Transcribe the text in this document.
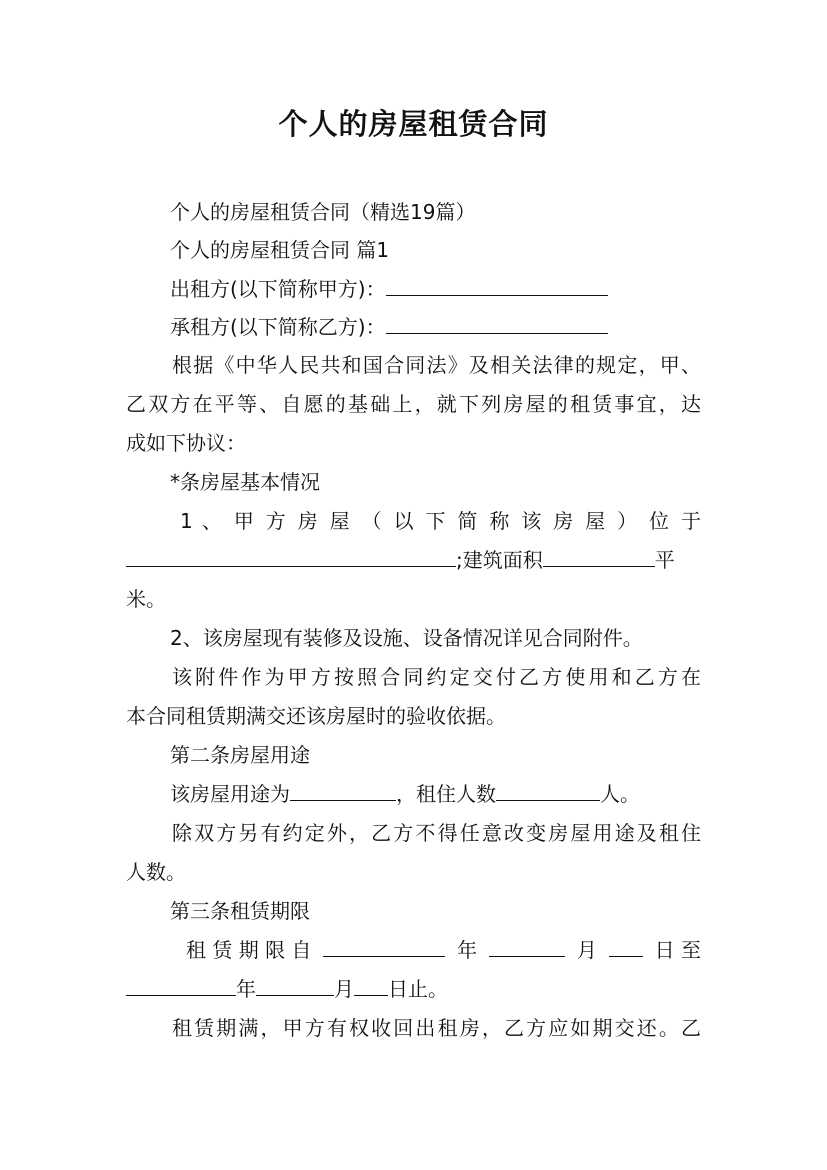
个人的房屋租赁合同
个人的房屋租赁合同（精选19篇）
个人的房屋租赁合同 篇1
出租方(以下简称甲方)：
承租方(以下简称乙方)：
根据《中华人民共和国合同法》及相关法律的规定，甲、
乙双方在平等、自愿的基础上，就下列房屋的租赁事宜，达
成如下协议：
*条房屋基本情况
1 、 甲 方 房 屋 （ 以 下 简 称 该 房 屋 ） 位 于
;建筑面积	平
米。
2、该房屋现有装修及设施、设备情况详见合同附件。
该附件作为甲方按照合同约定交付乙方使用和乙方在
本合同租赁期满交还该房屋时的验收依据。
第二条房屋用途
该房屋用途为	，租住人数	人。
除双方另有约定外，乙方不得任意改变房屋用途及租住
人数。
第三条租赁期限
租 赁 期 限 自	年	月	日 至
年	月 日止。
租赁期满，甲方有权收回出租房，乙方应如期交还。乙
